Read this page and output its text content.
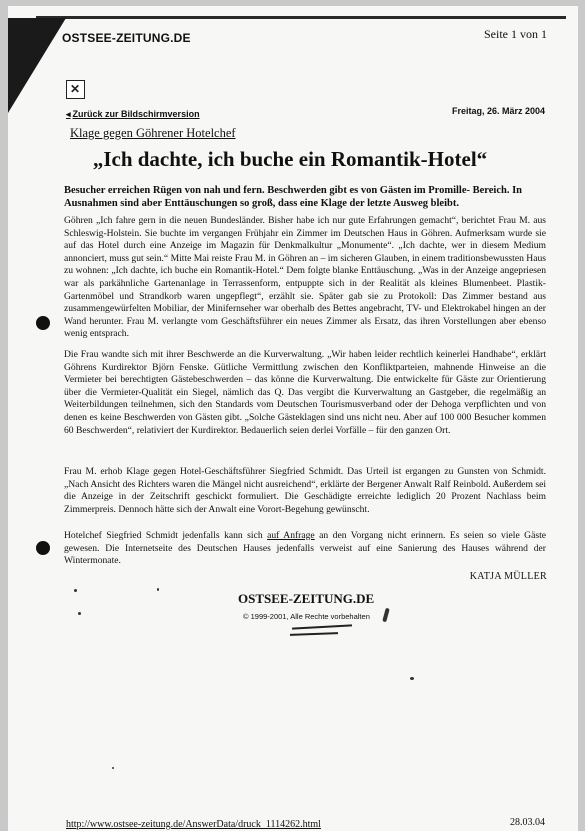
OSTSEE-ZEITUNG.DE	Seite 1 von 1
✕
◂ Zurück zur Bildschirmversion	Freitag, 26. März 2004
Klage gegen Göhrener Hotelchef
„Ich dachte, ich buche ein Romantik-Hotel“
Besucher erreichen Rügen von nah und fern. Beschwerden gibt es von Gästen im Promille- Bereich. In Ausnahmen sind aber Enttäuschungen so groß, dass eine Klage der letzte Ausweg bleibt.
Göhren „Ich fahre gern in die neuen Bundesländer. Bisher habe ich nur gute Erfahrungen gemacht“, berichtet Frau M. aus Schleswig-Holstein. Sie buchte im vergangen Frühjahr ein Zimmer im Deutschen Haus in Göhren. Aufmerksam wurde sie auf das Hotel durch eine Anzeige im Magazin für Denkmalkultur „Monumente“. „Ich dachte, wer in diesem Medium annonciert, muss gut sein.“ Mitte Mai reiste Frau M. in Göhren an – im sicheren Glauben, in einem traditionsbewussten Haus zu wohnen: „Ich dachte, ich buche ein Romantik-Hotel.“ Dem folgte blanke Enttäuschung. „Was in der Anzeige angepriesen war als parkähnliche Gartenanlage in Terrassenform, entpuppte sich in der Realität als kleines Blumenbeet. Plastik-Gartenmöbel und Strandkorb waren ungepflegt“, erzählt sie. Später gab sie zu Protokoll: Das Zimmer bestand aus zusammengewürfelten Mobiliar, der Minifernseher war oberhalb des Bettes angebracht, TV- und Elektrokabel hingen an der Wand herunter. Frau M. verlangte vom Geschäftsführer ein neues Zimmer als Ersatz, das ihren Vorstellungen aber ebenso wenig entsprach.
Die Frau wandte sich mit ihrer Beschwerde an die Kurverwaltung. „Wir haben leider rechtlich keinerlei Handhabe“, erklärt Göhrens Kurdirektor Björn Fenske. Gütliche Vermittlung zwischen den Konfliktparteien, mahnende Hinweise an die Vermieter bei berechtigten Gästebeschwerden – das könne die Kurverwaltung. Die entwickelte für Gäste zur Orientierung über die Vermieter-Qualität ein Siegel, nämlich das Q. Das vergibt die Kurverwaltung an Gastgeber, die regelmäßig an Weiterbildungen teilnehmen, sich den Standards vom Deutschen Tourismusverband oder der Dehoga verpflichten und von denen es keine Beschwerden von Gästen gibt. „Solche Gästeklagen sind uns nicht neu. Aber auf 100 000 Besucher kommen 60 Beschwerden“, relativiert der Kurdirektor. Bedauerlich seien derlei Vorfälle – für den ganzen Ort.
Frau M. erhob Klage gegen Hotel-Geschäftsführer Siegfried Schmidt. Das Urteil ist ergangen zu Gunsten von Schmidt. „Nach Ansicht des Richters waren die Mängel nicht ausreichend“, erklärte der Bergener Anwalt Ralf Reinbold. Außerdem sei die Anzeige in der Zeitschrift geschickt formuliert. Die Geschädigte erreichte lediglich 20 Prozent Nachlass beim Zimmerpreis. Dennoch hätte sich der Anwalt eine Vorort-Begehung gewünscht.
Hotelchef Siegfried Schmidt jedenfalls kann sich auf Anfrage an den Vorgang nicht erinnern. Es seien so viele Gäste gewesen. Die Internetseite des Deutschen Hauses jedenfalls verweist auf eine Sanierung des Hauses während der Wintermonate.
KATJA MÜLLER
OSTSEE-ZEITUNG.DE
© 1999-2001, Alle Rechte vorbehalten
http://www.ostsee-zeitung.de/AnswerData/druck_1114262.html	28.03.04
